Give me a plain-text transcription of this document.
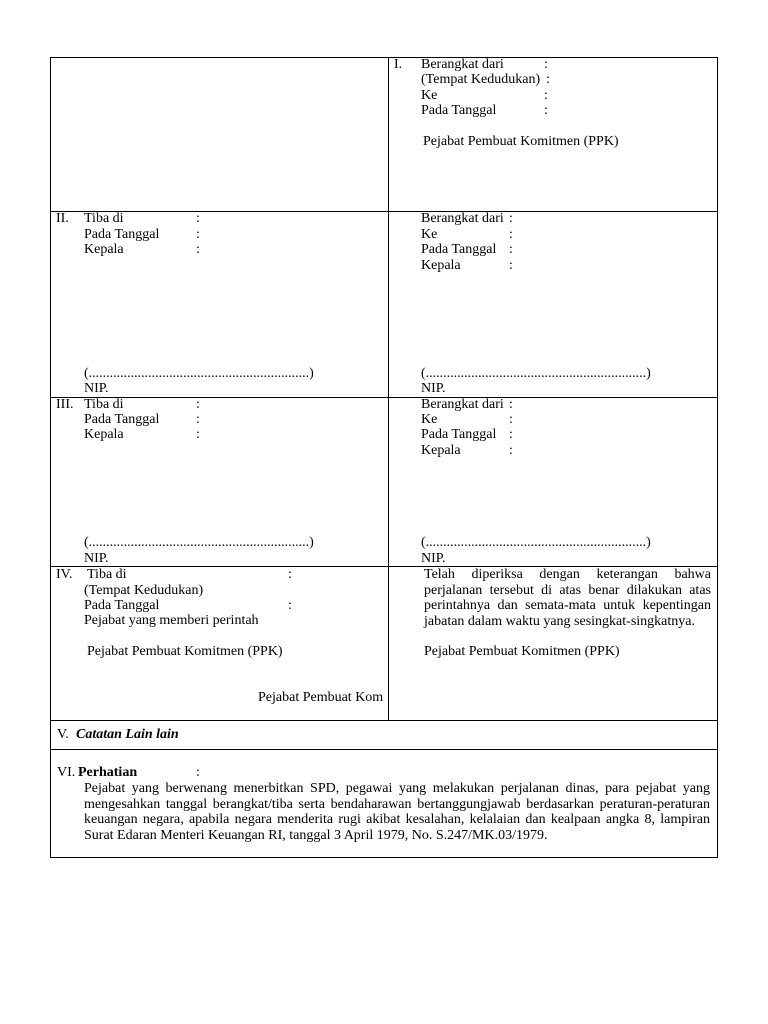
I. Berangkat dari	:
(Tempat Kedudukan) :
Ke	:
Pada Tanggal	:
Pejabat Pembuat Komitmen (PPK)
II. Tiba di	:
Pada Tanggal	:
Kepala	:
(...............................................................)
NIP.
Berangkat dari :
Ke	:
Pada Tanggal :
Kepala	:
(...............................................................)
NIP.
III. Tiba di	:
Pada Tanggal	:
Kepala	:
(...............................................................)
NIP.
Berangkat dari :
Ke	:
Pada Tanggal :
Kepala	:
(...............................................................)
NIP.
IV. Tiba di	:
(Tempat Kedudukan)
Pada Tanggal	:
Pejabat yang memberi perintah
Pejabat Pembuat Komitmen (PPK)
Pejabat Pembuat Kom
Telah diperiksa dengan keterangan bahwa
perjalanan tersebut di atas benar dilakukan atas
perintahnya dan semata-mata untuk kepentingan
jabatan dalam waktu yang sesingkat-singkatnya.
Pejabat Pembuat Komitmen (PPK)
V. Catatan Lain lain
VI. Perhatian	:
Pejabat yang berwenang menerbitkan SPD, pegawai yang melakukan perjalanan dinas, para pejabat yang
mengesahkan tanggal berangkat/tiba serta bendaharawan bertanggungjawab berdasarkan peraturan-peraturan
keuangan negara, apabila negara menderita rugi akibat kesalahan, kelalaian dan kealpaan angka 8, lampiran
Surat Edaran Menteri Keuangan RI, tanggal 3 April 1979, No. S.247/MK.03/1979.
